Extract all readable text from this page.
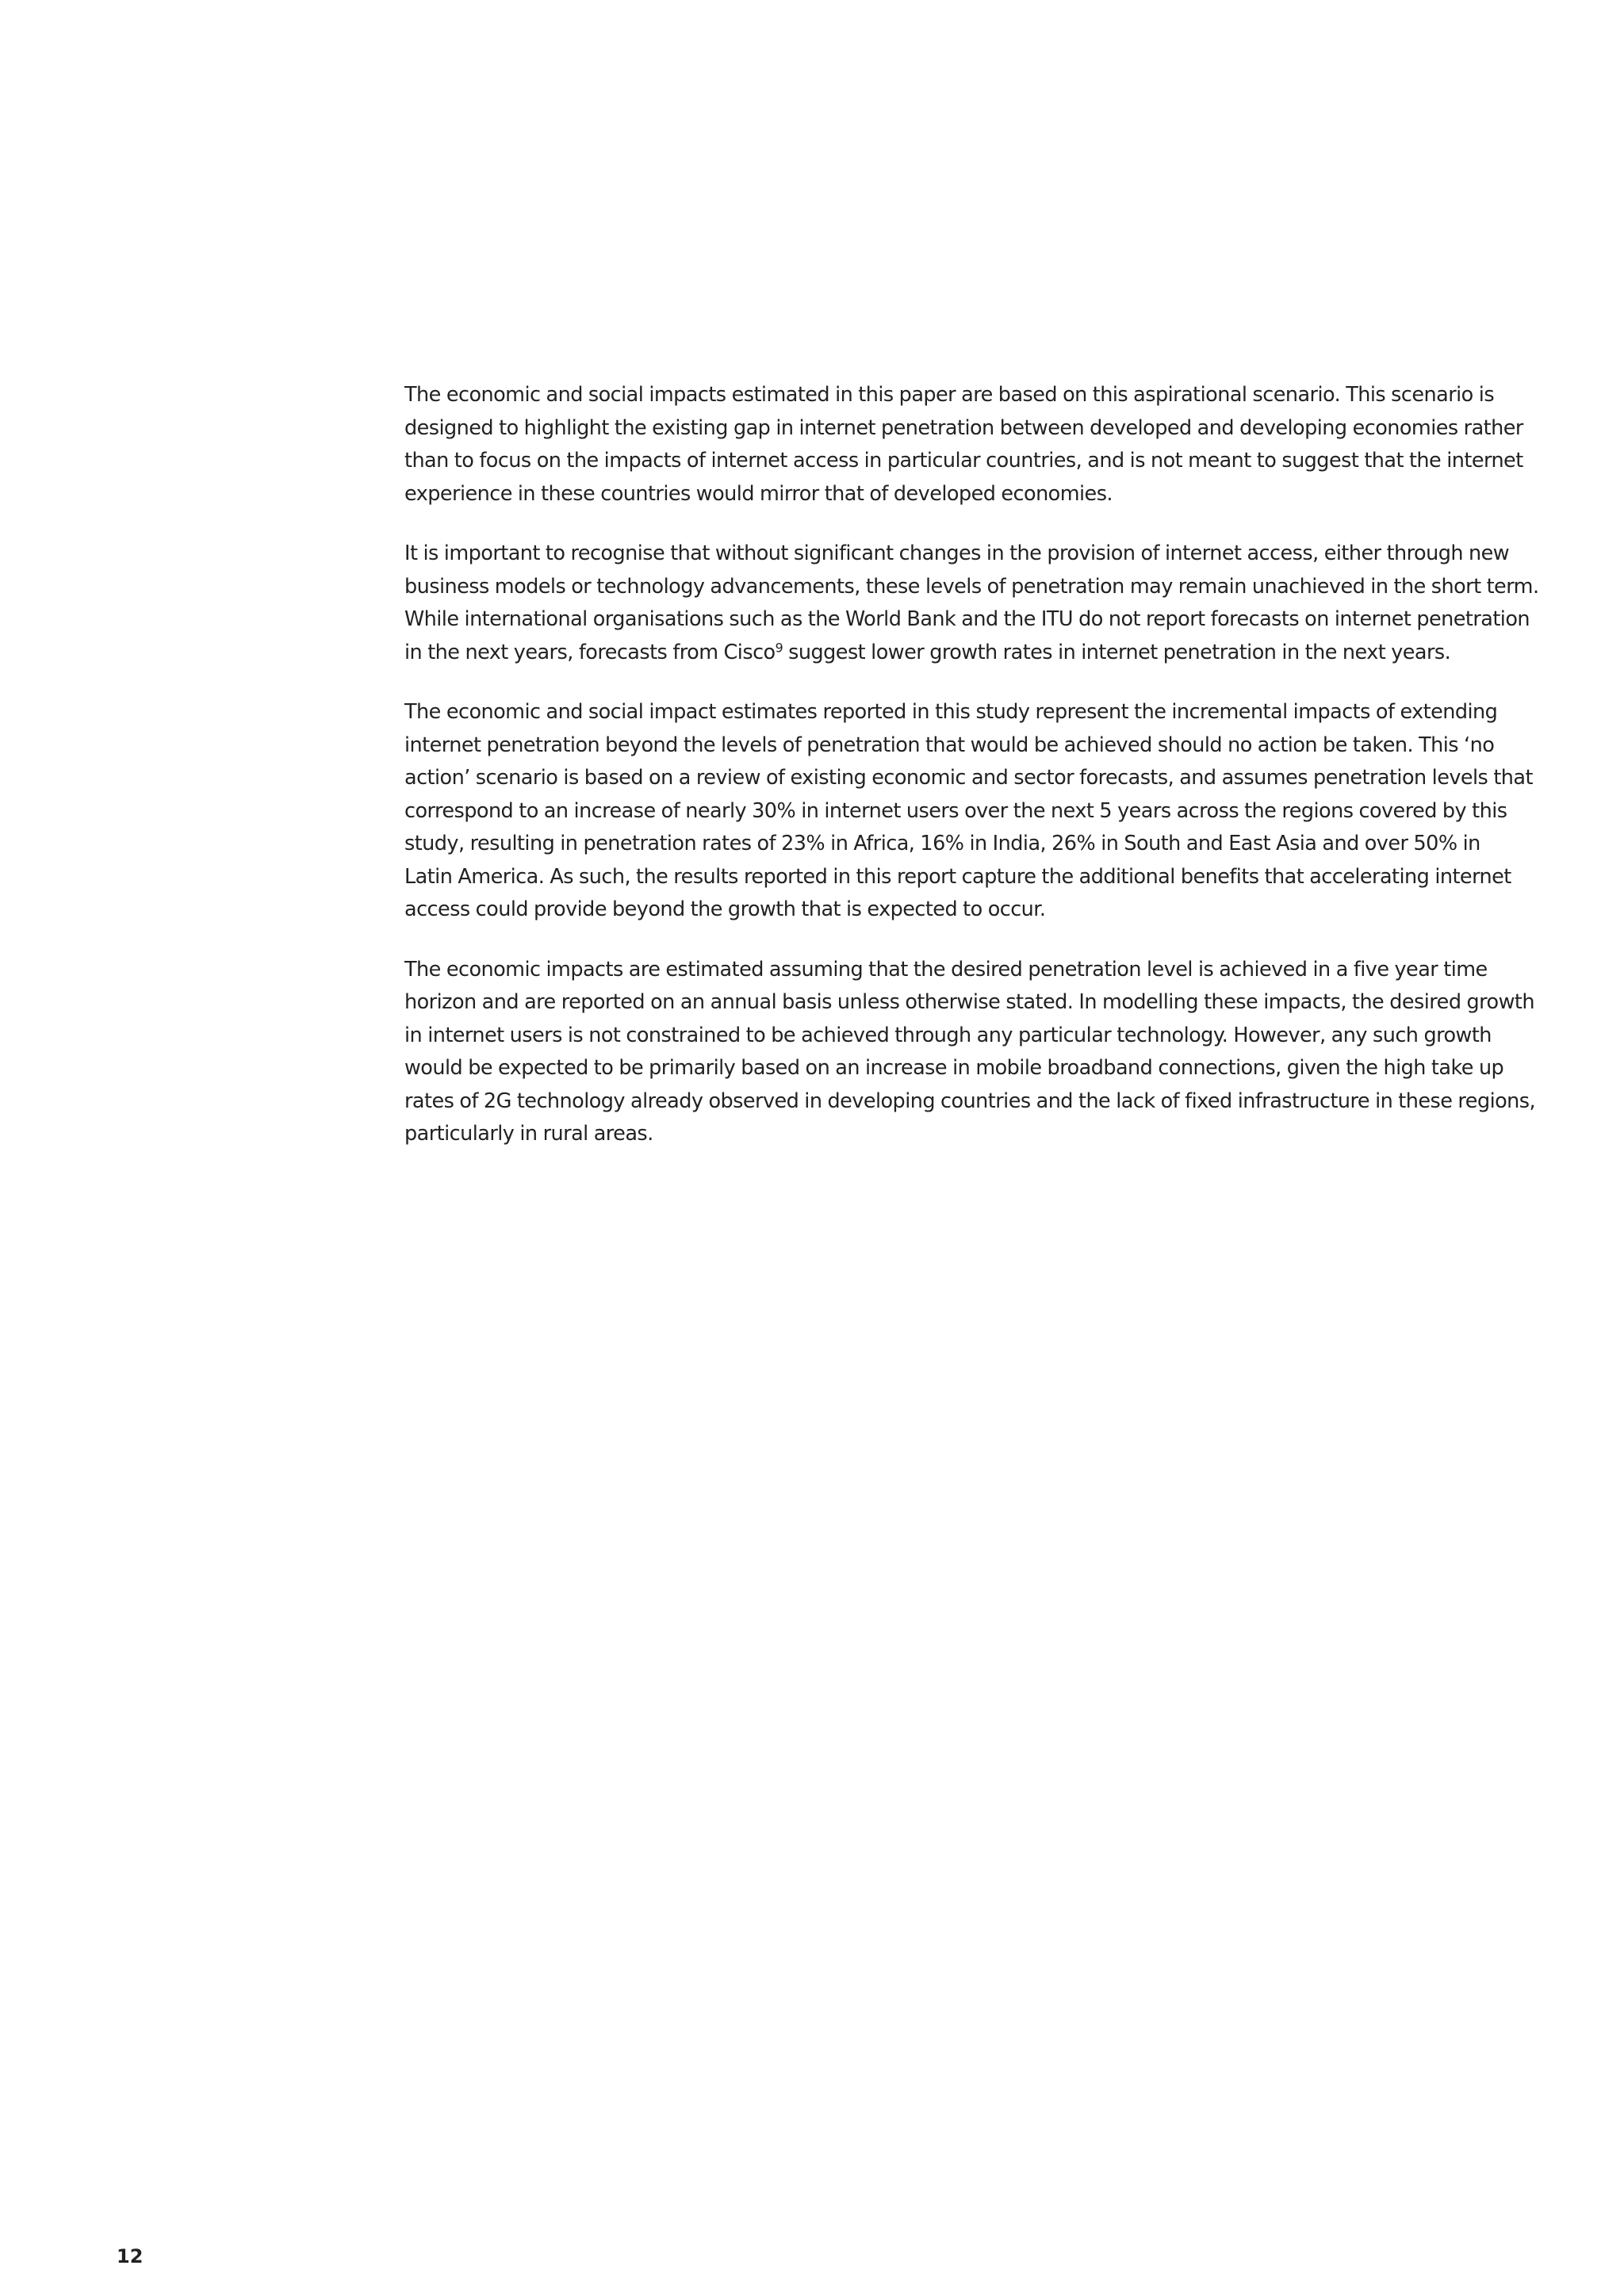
The economic and social impacts estimated in this paper are based on this aspirational scenario. This scenario is
designed to highlight the existing gap in internet penetration between developed and developing economies rather
than to focus on the impacts of internet access in particular countries, and is not meant to suggest that the internet
experience in these countries would mirror that of developed economies.

It is important to recognise that without significant changes in the provision of internet access, either through new
business models or technology advancements, these levels of penetration may remain unachieved in the short term.
While international organisations such as the World Bank and the ITU do not report forecasts on internet penetration
in the next years, forecasts from Cisco$^9$ suggest lower growth rates in internet penetration in the next years.

The economic and social impact estimates reported in this study represent the incremental impacts of extending
internet penetration beyond the levels of penetration that would be achieved should no action be taken. This ‘no
action’ scenario is based on a review of existing economic and sector forecasts, and assumes penetration levels that
correspond to an increase of nearly 30% in internet users over the next 5 years across the regions covered by this
study, resulting in penetration rates of 23% in Africa, 16% in India, 26% in South and East Asia and over 50% in
Latin America. As such, the results reported in this report capture the additional benefits that accelerating internet
access could provide beyond the growth that is expected to occur.

The economic impacts are estimated assuming that the desired penetration level is achieved in a five year time
horizon and are reported on an annual basis unless otherwise stated. In modelling these impacts, the desired growth
in internet users is not constrained to be achieved through any particular technology. However, any such growth
would be expected to be primarily based on an increase in mobile broadband connections, given the high take up
rates of 2G technology already observed in developing countries and the lack of fixed infrastructure in these regions,
particularly in rural areas.

12
